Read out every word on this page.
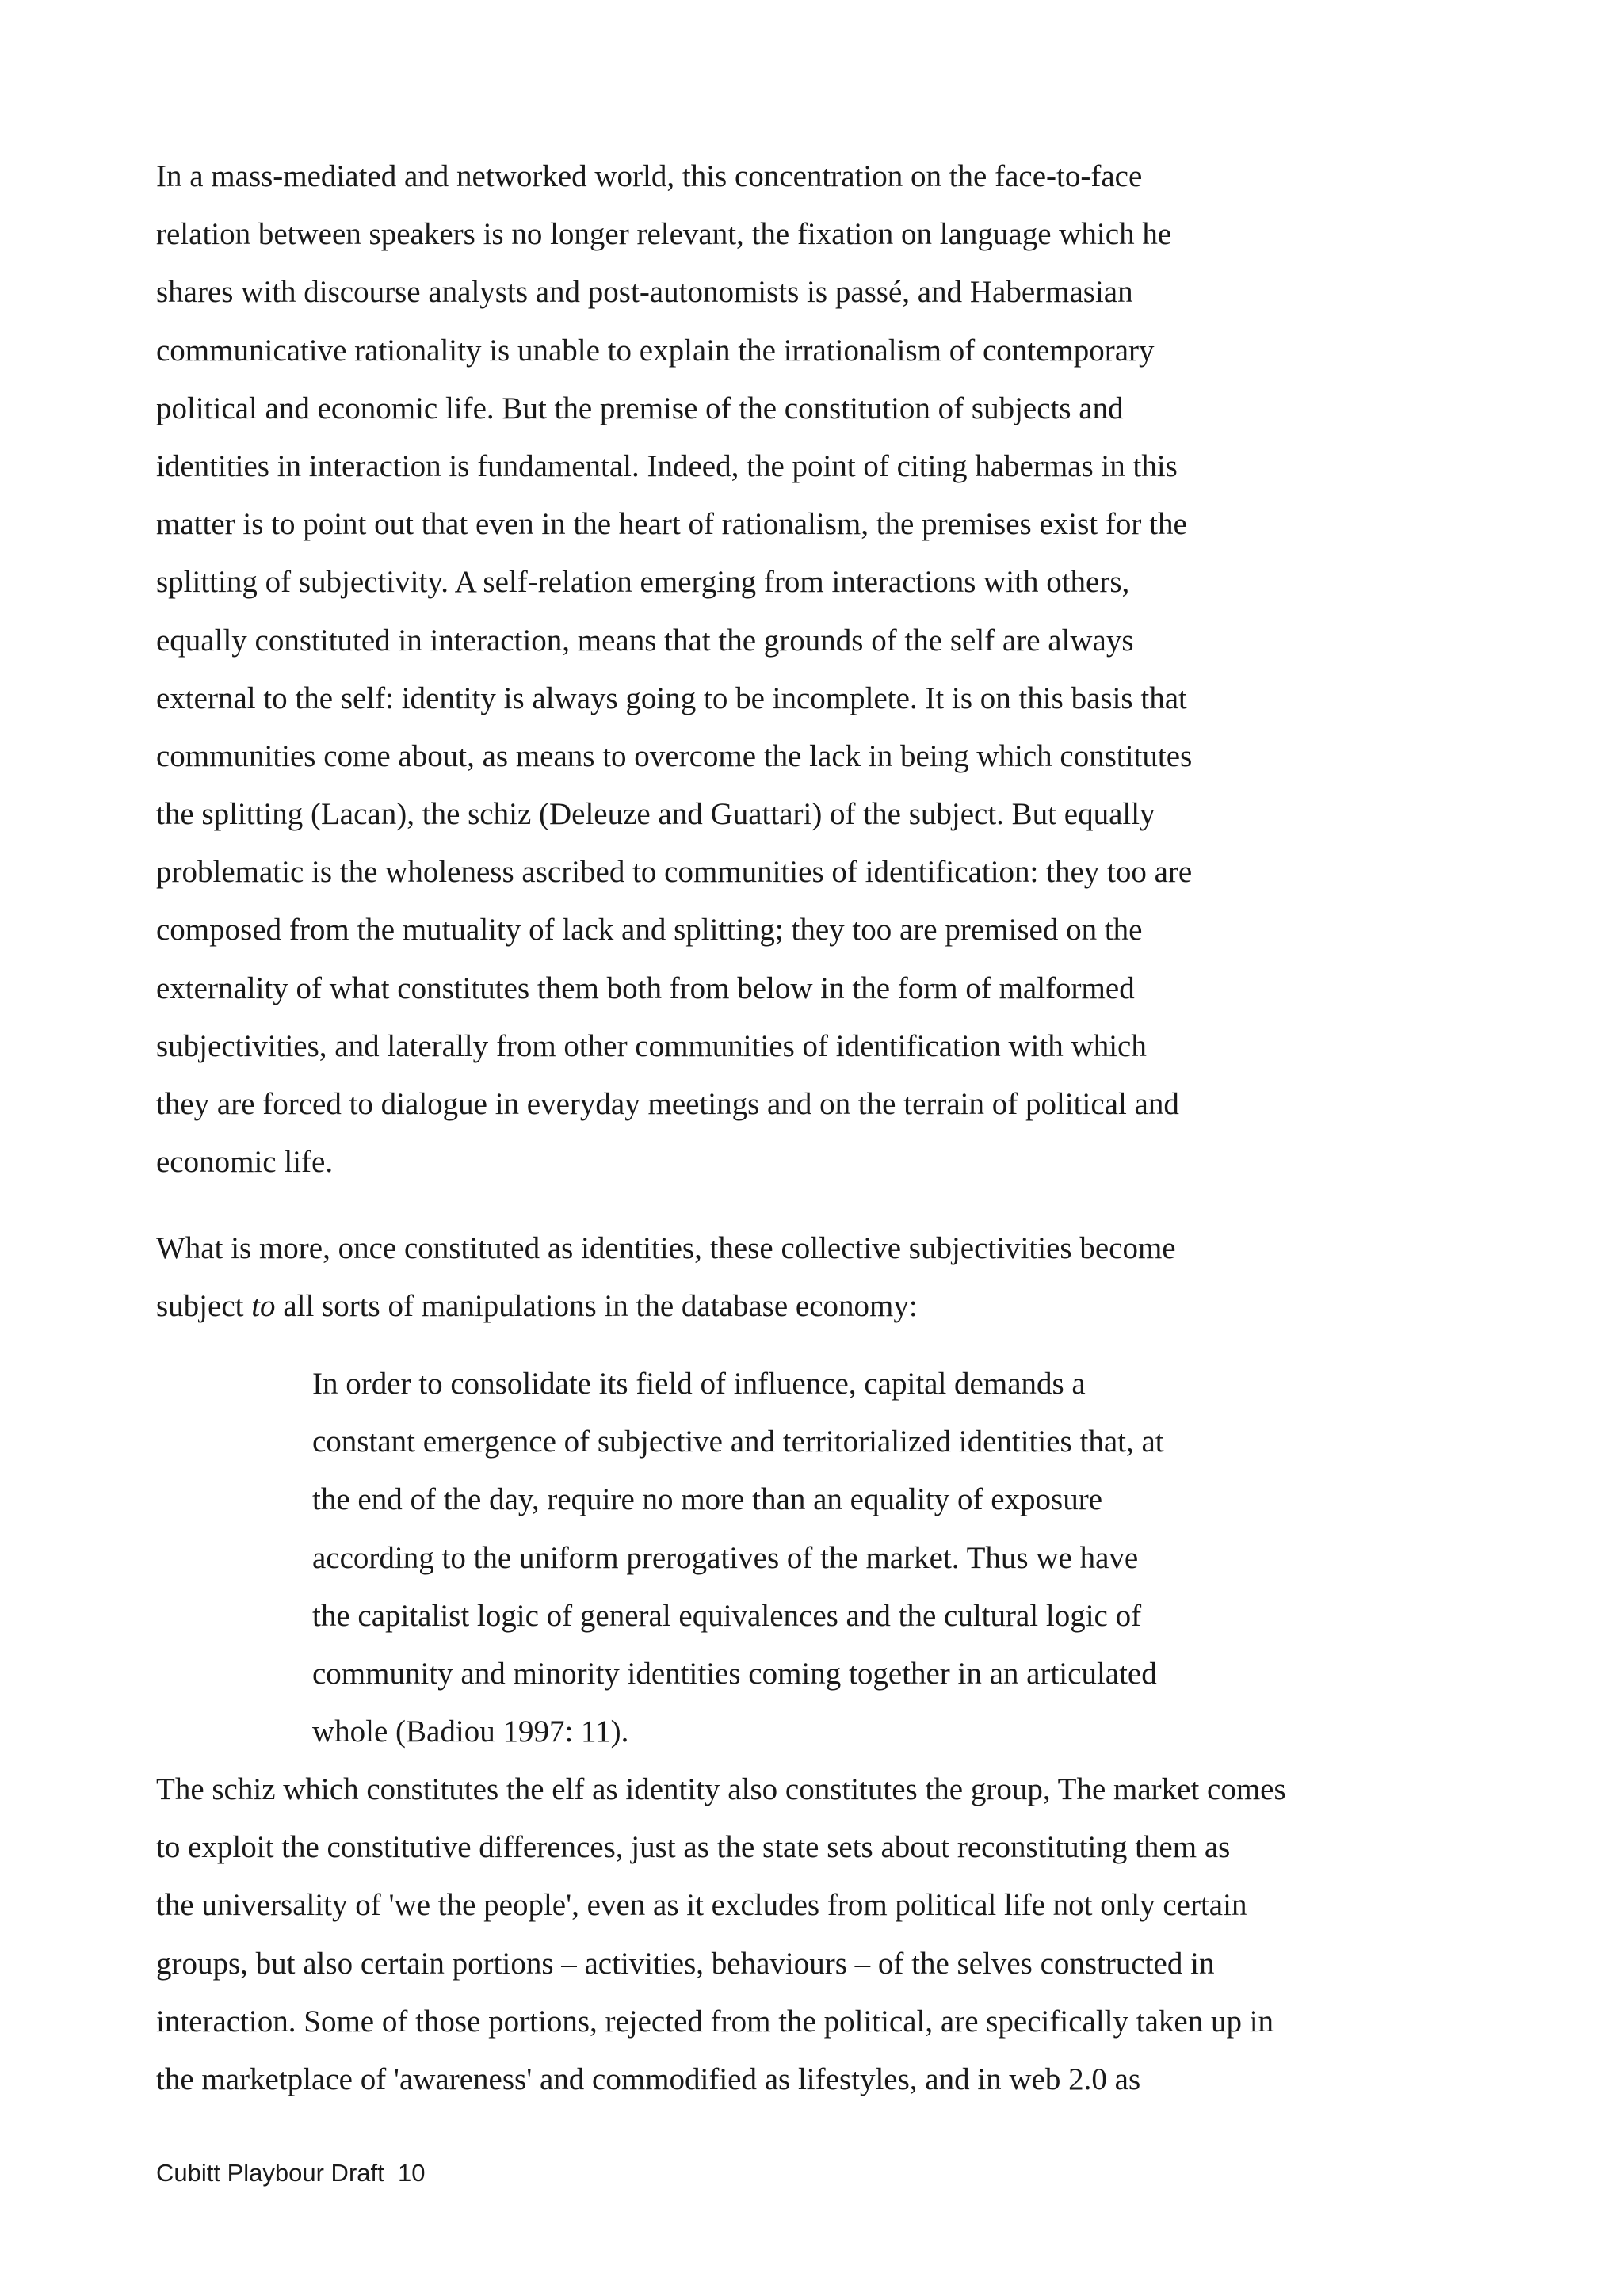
In a mass-mediated and networked world, this concentration on the face-to-face
relation between speakers is no longer relevant, the fixation on language which he
shares with discourse analysts and post-autonomists is passé, and Habermasian
communicative rationality is unable to explain the irrationalism of contemporary
political and economic life. But the premise of the constitution of subjects and
identities in interaction is fundamental. Indeed, the point of citing habermas in this
matter is to point out that even in the heart of rationalism, the premises exist for the
splitting of subjectivity. A self-relation emerging from interactions with others,
equally constituted in interaction, means that the grounds of the self are always
external to the self: identity is always going to be incomplete. It is on this basis that
communities come about, as means to overcome the lack in being which constitutes
the splitting (Lacan), the schiz (Deleuze and Guattari) of the subject. But equally
problematic is the wholeness ascribed to communities of identification: they too are
composed from the mutuality of lack and splitting; they too are premised on the
externality of what constitutes them both from below in the form of malformed
subjectivities, and laterally from other communities of identification with which
they are forced to dialogue in everyday meetings and on the terrain of political and
economic life.
What is more, once constituted as identities, these collective subjectivities become
subject to all sorts of manipulations in the database economy:
In order to consolidate its field of influence, capital demands a
constant emergence of subjective and territorialized identities that, at
the end of the day, require no more than an equality of exposure
according to the uniform prerogatives of the market. Thus we have
the capitalist logic of general equivalences and the cultural logic of
community and minority identities coming together in an articulated
whole (Badiou 1997: 11).
The schiz which constitutes the elf as identity also constitutes the group, The market comes
to exploit the constitutive differences, just as the state sets about reconstituting them as
the universality of 'we the people', even as it excludes from political life not only certain
groups, but also certain portions – activities, behaviours – of the selves constructed in
interaction. Some of those portions, rejected from the political, are specifically taken up in
the marketplace of 'awareness' and commodified as lifestyles, and in web 2.0 as
Cubitt Playbour Draft  10
